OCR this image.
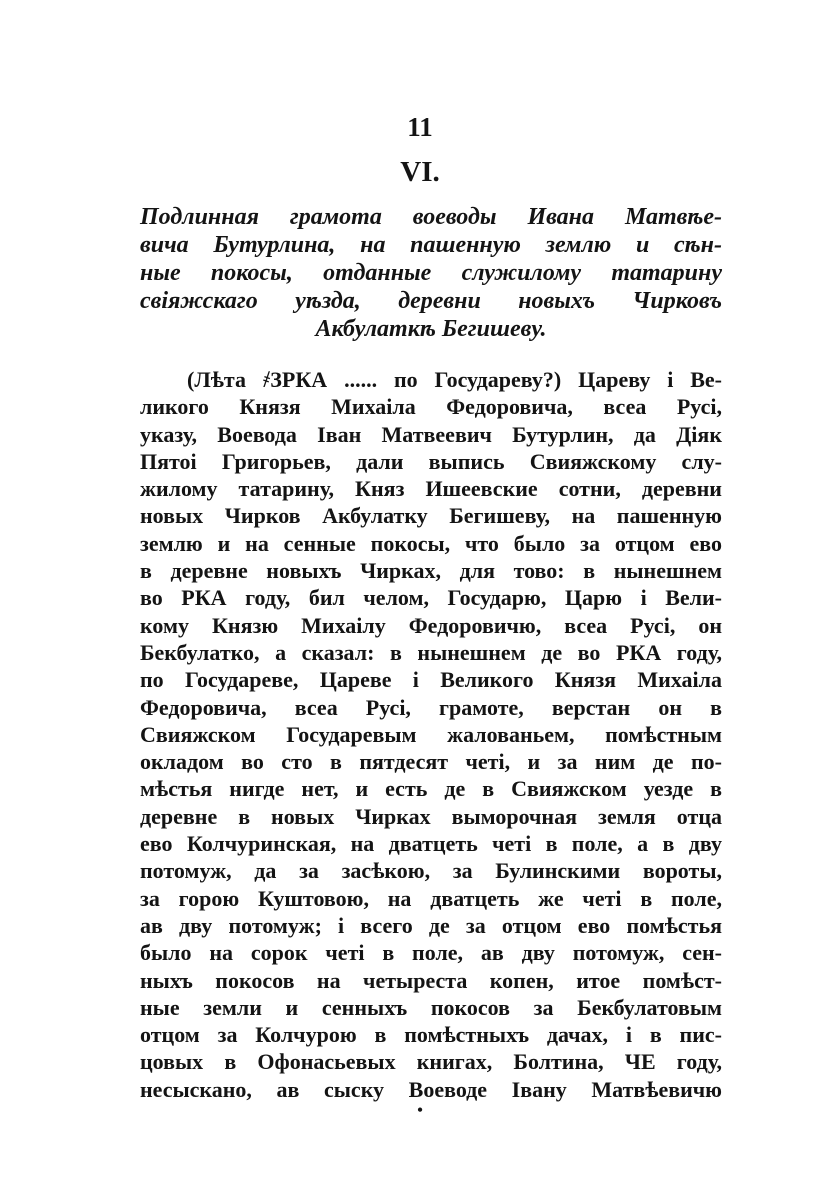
11
VI.
Подлинная грамота воеводы Ивана Матвѣе-
вича Бутурлина, на пашенную землю и сѣн-
ные покосы, отданные служилому татарину
свіяжскаго уѣзда, деревни новыхъ Чирковъ
Акбулаткѣ Бегишеву.
(Лѣта ҂ЗРКА ...... по Государеву?) Цареву і Ве-
ликого Князя Михаіла Федоровича, всеа Русі,
указу, Воевода Іван Матвеевич Бутурлин, да Діяк
Пятоі Григорьев, дали выпись Свияжскому слу-
жилому татарину, Княз Ишеевские сотни, деревни
новых Чирков Акбулатку Бегишеву, на пашенную
землю и на сенные покосы, что было за отцом ево
в деревне новыхъ Чирках, для тово: в нынешнем
во РКА году, бил челом, Государю, Царю і Вели-
кому Князю Михаілу Федоровичю, всеа Русі, он
Бекбулатко, а сказал: в нынешнем де во РКА году,
по Государеве, Цареве і Великого Князя Михаіла
Федоровича, всеа Русі, грамоте, верстан он в
Свияжском Государевым жалованьем, помѣстным
окладом во сто в пятдесят четі, и за ним де по-
мѣстья нигде нет, и есть де в Свияжском уезде в
деревне в новых Чирках выморочная земля отца
ево Колчуринская, на дватцеть четі в поле, а в дву
потомуж, да за засѣкою, за Булинскими вороты,
за горою Куштовою, на дватцеть же четі в поле,
ав дву потомуж; і всего де за отцом ево помѣстья
было на сорок четі в поле, ав дву потомуж, сен-
ныхъ покосов на четыреста копен, итое помѣст-
ные земли и сенныхъ покосов за Бекбулатовым
отцом за Колчурою в помѣстныхъ дачах, і в пис-
цовых в Офонасьевых книгах, Болтина, ЧЕ году,
несыскано, ав сыску Воеводе Івану Матвѣевичю
•
